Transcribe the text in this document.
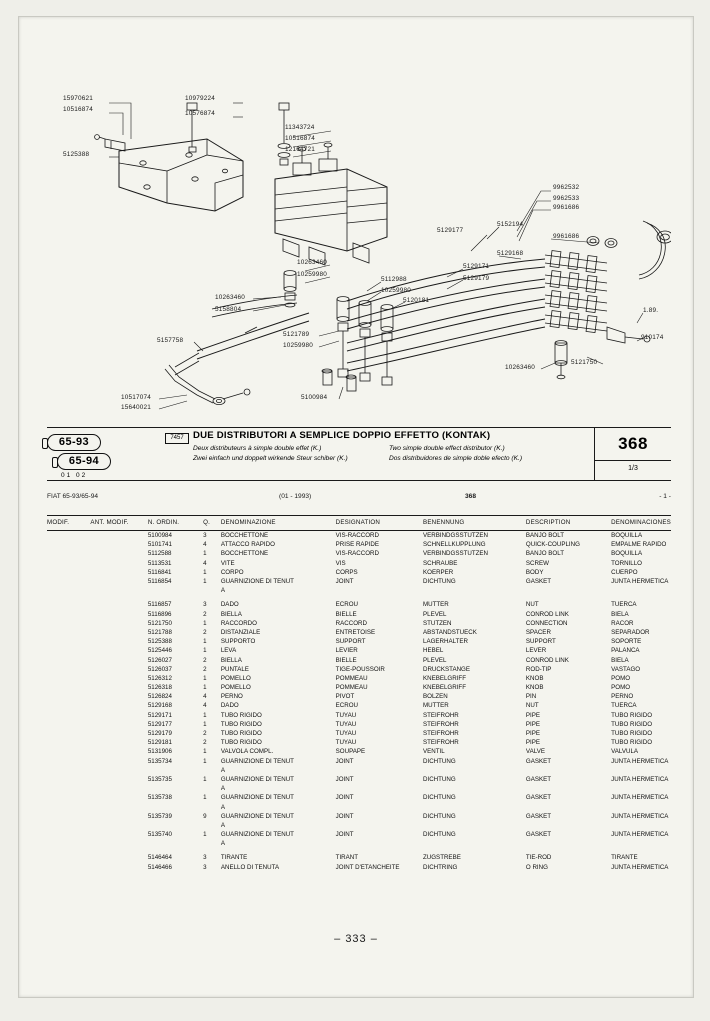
15970621
10516874
5125388
10979224
10576874
11343724
10516874
12164721
9962532
9962533
9961686
5152194
9961686
5129177
5129168
5129171
5129179
10263460
10259980
5112988
10259980
5120181
10263460
5158804
5121789
10259980
5157758
10263460
5121750
1.89.
910174
10517074
15640021
5100984
65-93 65-94
01 02
7457 DUE DISTRIBUTORI A SEMPLICE DOPPIO EFFETTO (KONTAK)
Deux distributeurs à simple double effet (K.)	Two simple double effect distributor (K.)
Zwei einfach und doppelt wirkende Steur schiber (K.)	Dos distribuidores de simple doble efecto (K.)
368
1/3
FIAT 65-93/65-94	(01 - 1993)	368	- 1 -
MODIF.	ANT. MODIF.	N. ORDIN.	Q.	DENOMINAZIONE	DESIGNATION	BENENNUNG	DESCRIPTION	DENOMINACIONES
		5100984	3	BOCCHETTONE	VIS-RACCORD	VERBINDGSSTUTZEN	BANJO BOLT	BOQUILLA
		5101741	4	ATTACCO RAPIDO	PRISE RAPIDE	SCHNELLKUPPLUNG	QUICK-COUPLING	EMPALME RAPIDO
		5112588	1	BOCCHETTONE	VIS-RACCORD	VERBINDGSSTUTZEN	BANJO BOLT	BOQUILLA
		5113531	4	VITE	VIS	SCHRAUBE	SCREW	TORNILLO
		5116841	1	CORPO	CORPS	KOERPER	BODY	CUERPO
		5116854	1	GUARNIZIONE DI TENUT	JOINT	DICHTUNG	GASKET	JUNTA HERMETICA
				A				

		5116857	3	DADO	ECROU	MUTTER	NUT	TUERCA
		5116896	2	BIELLA	BIELLE	PLEVEL	CONROD LINK	BIELA
		5121750	1	RACCORDO	RACCORD	STUTZEN	CONNECTION	RACOR
		5121788	2	DISTANZIALE	ENTRETOISE	ABSTANDSTUECK	SPACER	SEPARADOR
		5125388	1	SUPPORTO	SUPPORT	LAGERHALTER	SUPPORT	SOPORTE
		5125446	1	LEVA	LEVIER	HEBEL	LEVER	PALANCA
		5126027	2	BIELLA	BIELLE	PLEVEL	CONROD LINK	BIELA
		5126037	2	PUNTALE	TIGE-POUSSOIR	DRUCKSTANGE	ROD-TIP	VASTAGO
		5126312	1	POMELLO	POMMEAU	KNEBELGRIFF	KNOB	POMO
		5126318	1	POMELLO	POMMEAU	KNEBELGRIFF	KNOB	POMO
		5126824	4	PERNO	PIVOT	BOLZEN	PIN	PERNO
		5129168	4	DADO	ECROU	MUTTER	NUT	TUERCA
		5129171	1	TUBO RIGIDO	TUYAU	STEIFROHR	PIPE	TUBO RIGIDO
		5129177	1	TUBO RIGIDO	TUYAU	STEIFROHR	PIPE	TUBO RIGIDO
		5129179	2	TUBO RIGIDO	TUYAU	STEIFROHR	PIPE	TUBO RIGIDO
		5129181	2	TUBO RIGIDO	TUYAU	STEIFROHR	PIPE	TUBO RIGIDO
		5131906	1	VALVOLA COMPL.	SOUPAPE	VENTIL	VALVE	VALVULA
		5135734	1	GUARNIZIONE DI TENUT	JOINT	DICHTUNG	GASKET	JUNTA HERMETICA
				A				
		5135735	1	GUARNIZIONE DI TENUT	JOINT	DICHTUNG	GASKET	JUNTA HERMETICA
				A				
		5135738	1	GUARNIZIONE DI TENUT	JOINT	DICHTUNG	GASKET	JUNTA HERMETICA
				A				
		5135739	9	GUARNIZIONE DI TENUT	JOINT	DICHTUNG	GASKET	JUNTA HERMETICA
				A				
		5135740	1	GUARNIZIONE DI TENUT	JOINT	DICHTUNG	GASKET	JUNTA HERMETICA
				A				

		5146464	3	TIRANTE	TIRANT	ZUGSTREBE	TIE-ROD	TIRANTE
		5146466	3	ANELLO DI TENUTA	JOINT D'ETANCHEITE	DICHTRING	O RING	JUNTA HERMETICA
– 333 –
